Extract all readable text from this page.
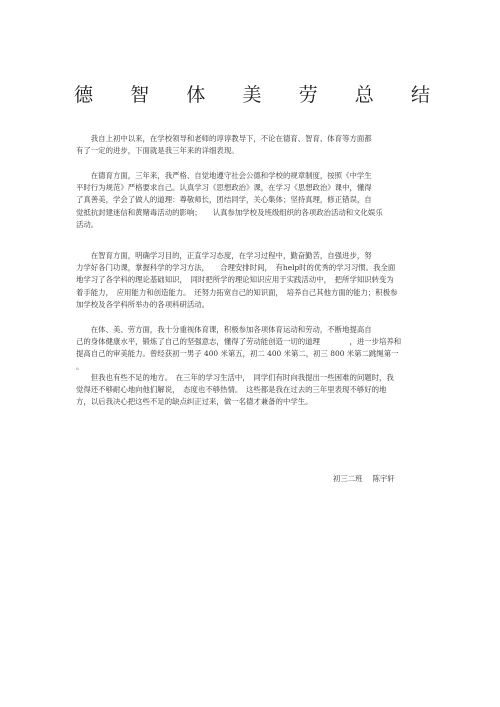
德 智 体 美 劳 总 结
　　我自上初中以来，在学校领导和老师的谆谆教导下，不论在德育、智育、体育等方面都
有了一定的进步，下面就是我三年来的详细表现。
　　在德育方面，三年来，我严格、自觉地遵守社会公德和学校的规章制度，按照《中学生
平时行为规范》严格要求自己。认真学习《思想政治》课，在学习《思想政治》课中，懂得
了真善美，学会了做人的道理：尊敬师长，团结同学，关心集体；坚持真理，修正错误，自
觉抵抗封建迷信和黄赌毒活动的影响；　　认真参加学校及班级组织的各项政治活动和文化娱乐
活动。
　　在智育方面，明确学习目的，正直学习态度，在学习过程中，勤奋勤苦，自强进步，努
力学好各门功课，掌握科学的学习方法，　　合理安排时间，　有help时的优秀的学习习惯。我全面
地学习了各学科的理论基础知识，　同时把所学的理论知识应用于实践活动中，　把所学知识转变为
着手能力，　应用能力和创造能力。　还努力拓宽自己的知识面，　培养自己其他方面的能力；积极参
加学校及各学科所举办的各项科研活动。
　　在体、美、劳方面，我十分重视体育课，积极参加各项体育运动和劳动，不断地提高自
己的身体健康水平，锻炼了自己的坚强意志，懂得了劳动能创造一切的道理　　　　，进一步培养和
提高自己的审美能力。曾经获初一男子 400 米第五，初二 400 米第二，初三 800 米第二跳绳第一
。
　　但我也有些不足的地方。　在三年的学习生活中，　同学们有时向我提出一些困难的问题时，我
觉得还不够耐心地向他们解说，　态度也不够热情。　这些都是我在过去的三年里表现不够好的地
方，以后我决心把这些不足的缺点纠正过来，做一名德才兼备的中学生。
初三二班 陈宇轩
